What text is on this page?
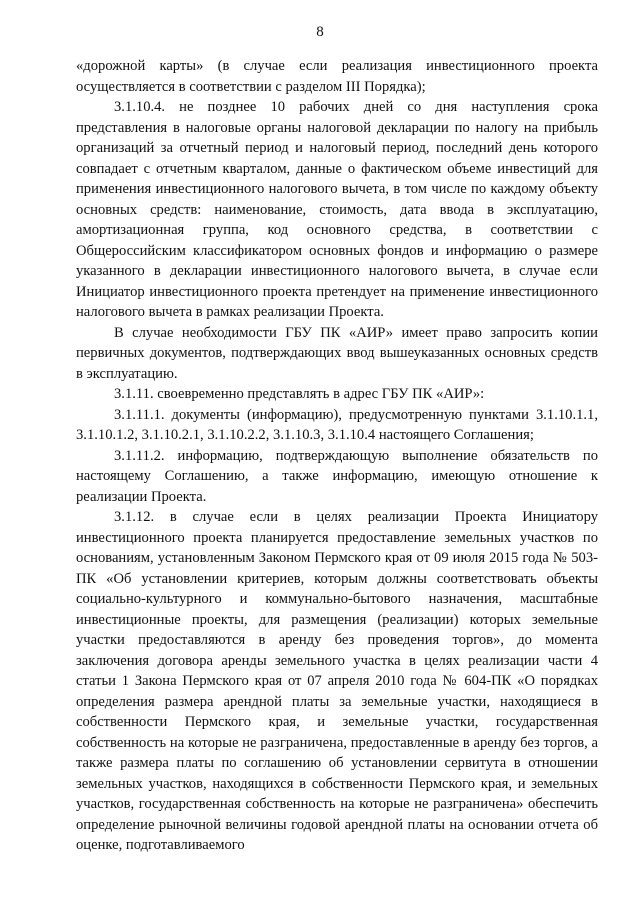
8

«дорожной карты» (в случае если реализация инвестиционного проекта осуществляется в соответствии с разделом III Порядка);

3.1.10.4. не позднее 10 рабочих дней со дня наступления срока представления в налоговые органы налоговой декларации по налогу на прибыль организаций за отчетный период и налоговый период, последний день которого совпадает с отчетным кварталом, данные о фактическом объеме инвестиций для применения инвестиционного налогового вычета, в том числе по каждому объекту основных средств: наименование, стоимость, дата ввода в эксплуатацию, амортизационная группа, код основного средства, в соответствии с Общероссийским классификатором основных фондов и информацию о размере указанного в декларации инвестиционного налогового вычета, в случае если Инициатор инвестиционного проекта претендует на применение инвестиционного налогового вычета в рамках реализации Проекта.

В случае необходимости ГБУ ПК «АИР» имеет право запросить копии первичных документов, подтверждающих ввод вышеуказанных основных средств в эксплуатацию.

3.1.11. своевременно представлять в адрес ГБУ ПК «АИР»:

3.1.11.1. документы (информацию), предусмотренную пунктами 3.1.10.1.1, 3.1.10.1.2, 3.1.10.2.1, 3.1.10.2.2, 3.1.10.3, 3.1.10.4 настоящего Соглашения;

3.1.11.2. информацию, подтверждающую выполнение обязательств по настоящему Соглашению, а также информацию, имеющую отношение к реализации Проекта.

3.1.12. в случае если в целях реализации Проекта Инициатору инвестиционного проекта планируется предоставление земельных участков по основаниям, установленным Законом Пермского края от 09 июля 2015 года № 503-ПК «Об установлении критериев, которым должны соответствовать объекты социально-культурного и коммунально-бытового назначения, масштабные инвестиционные проекты, для размещения (реализации) которых земельные участки предоставляются в аренду без проведения торгов», до момента заключения договора аренды земельного участка в целях реализации части 4 статьи 1 Закона Пермского края от 07 апреля 2010 года № 604-ПК «О порядках определения размера арендной платы за земельные участки, находящиеся в собственности Пермского края, и земельные участки, государственная собственность на которые не разграничена, предоставленные в аренду без торгов, а также размера платы по соглашению об установлении сервитута в отношении земельных участков, находящихся в собственности Пермского края, и земельных участков, государственная собственность на которые не разграничена» обеспечить определение рыночной величины годовой арендной платы на основании отчета об оценке, подготавливаемого
